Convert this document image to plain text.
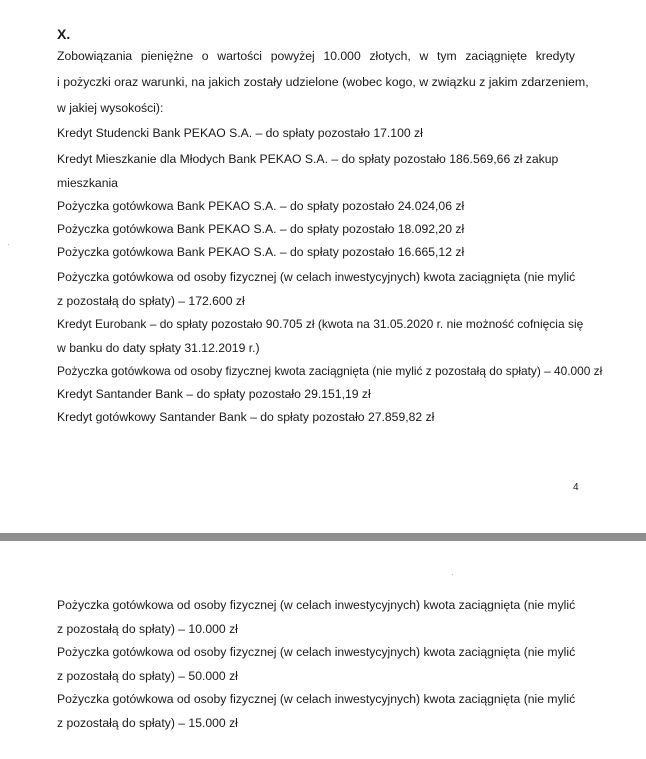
X.
Zobowiązania pieniężne o wartości powyżej 10.000 złotych, w tym zaciągnięte kredyty
i pożyczki oraz warunki, na jakich zostały udzielone (wobec kogo, w związku z jakim zdarzeniem,
w jakiej wysokości):
Kredyt Studencki Bank PEKAO S.A. – do spłaty pozostało 17.100 zł
Kredyt Mieszkanie dla Młodych Bank PEKAO S.A. – do spłaty pozostało 186.569,66 zł zakup
mieszkania
Pożyczka gotówkowa Bank PEKAO S.A. – do spłaty pozostało 24.024,06 zł
Pożyczka gotówkowa Bank PEKAO S.A. – do spłaty pozostało 18.092,20 zł
Pożyczka gotówkowa Bank PEKAO S.A. – do spłaty pozostało 16.665,12 zł
Pożyczka gotówkowa od osoby fizycznej (w celach inwestycyjnych) kwota zaciągnięta (nie mylić
z pozostałą do spłaty) – 172.600 zł
Kredyt Eurobank – do spłaty pozostało 90.705 zł (kwota na 31.05.2020 r. nie możność cofnięcia się
w banku do daty spłaty 31.12.2019 r.)
Pożyczka gotówkowa od osoby fizycznej kwota zaciągnięta (nie mylić z pozostałą do spłaty) – 40.000 zł
Kredyt Santander Bank – do spłaty pozostało 29.151,19 zł
Kredyt gotówkowy Santander Bank – do spłaty pozostało 27.859,82 zł
4
Pożyczka gotówkowa od osoby fizycznej (w celach inwestycyjnych) kwota zaciągnięta (nie mylić
z pozostałą do spłaty) – 10.000 zł
Pożyczka gotówkowa od osoby fizycznej (w celach inwestycyjnych) kwota zaciągnięta (nie mylić
z pozostałą do spłaty) – 50.000 zł
Pożyczka gotówkowa od osoby fizycznej (w celach inwestycyjnych) kwota zaciągnięta (nie mylić
z pozostałą do spłaty) – 15.000 zł
